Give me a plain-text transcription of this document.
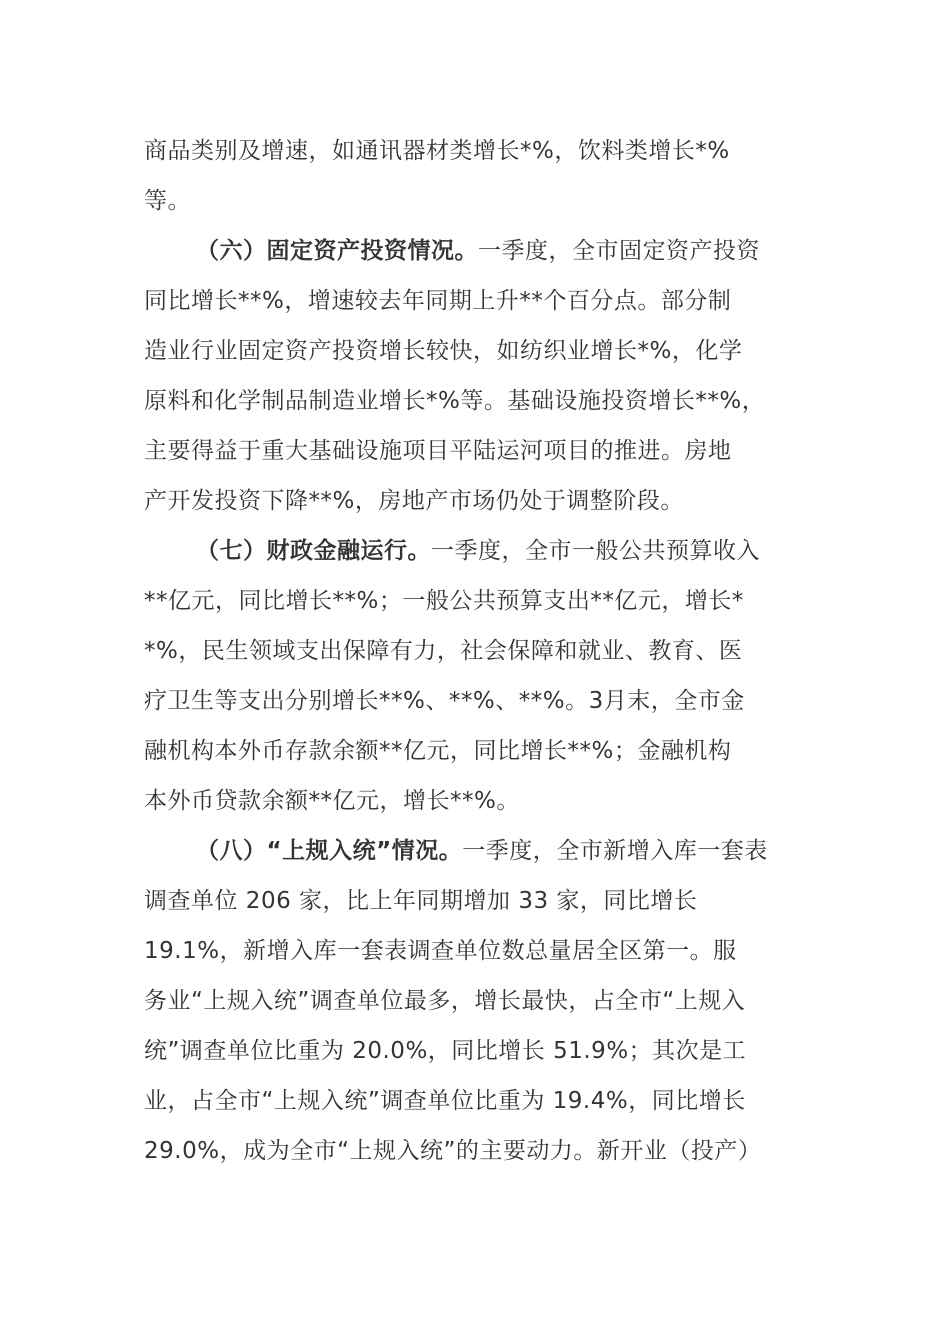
商品类别及增速，如通讯器材类增长*%，饮料类增长*%
等。
（六）固定资产投资情况。一季度，全市固定资产投资
同比增长**%，增速较去年同期上升**个百分点。部分制
造业行业固定资产投资增长较快，如纺织业增长*%，化学
原料和化学制品制造业增长*%等。基础设施投资增长**%，
主要得益于重大基础设施项目平陆运河项目的推进。房地
产开发投资下降**%，房地产市场仍处于调整阶段。
（七）财政金融运行。一季度，全市一般公共预算收入
**亿元，同比增长**%；一般公共预算支出**亿元，增长*
*%，民生领域支出保障有力，社会保障和就业、教育、医
疗卫生等支出分别增长**%、**%、**%。3月末，全市金
融机构本外币存款余额**亿元，同比增长**%；金融机构
本外币贷款余额**亿元，增长**%。
（八）“上规入统”情况。一季度，全市新增入库一套表
调查单位 206 家，比上年同期增加 33 家，同比增长
19.1%，新增入库一套表调查单位数总量居全区第一。服
务业“上规入统”调查单位最多，增长最快，占全市“上规入
统”调查单位比重为 20.0%，同比增长 51.9%；其次是工
业，占全市“上规入统”调查单位比重为 19.4%，同比增长
29.0%，成为全市“上规入统”的主要动力。新开业（投产）
